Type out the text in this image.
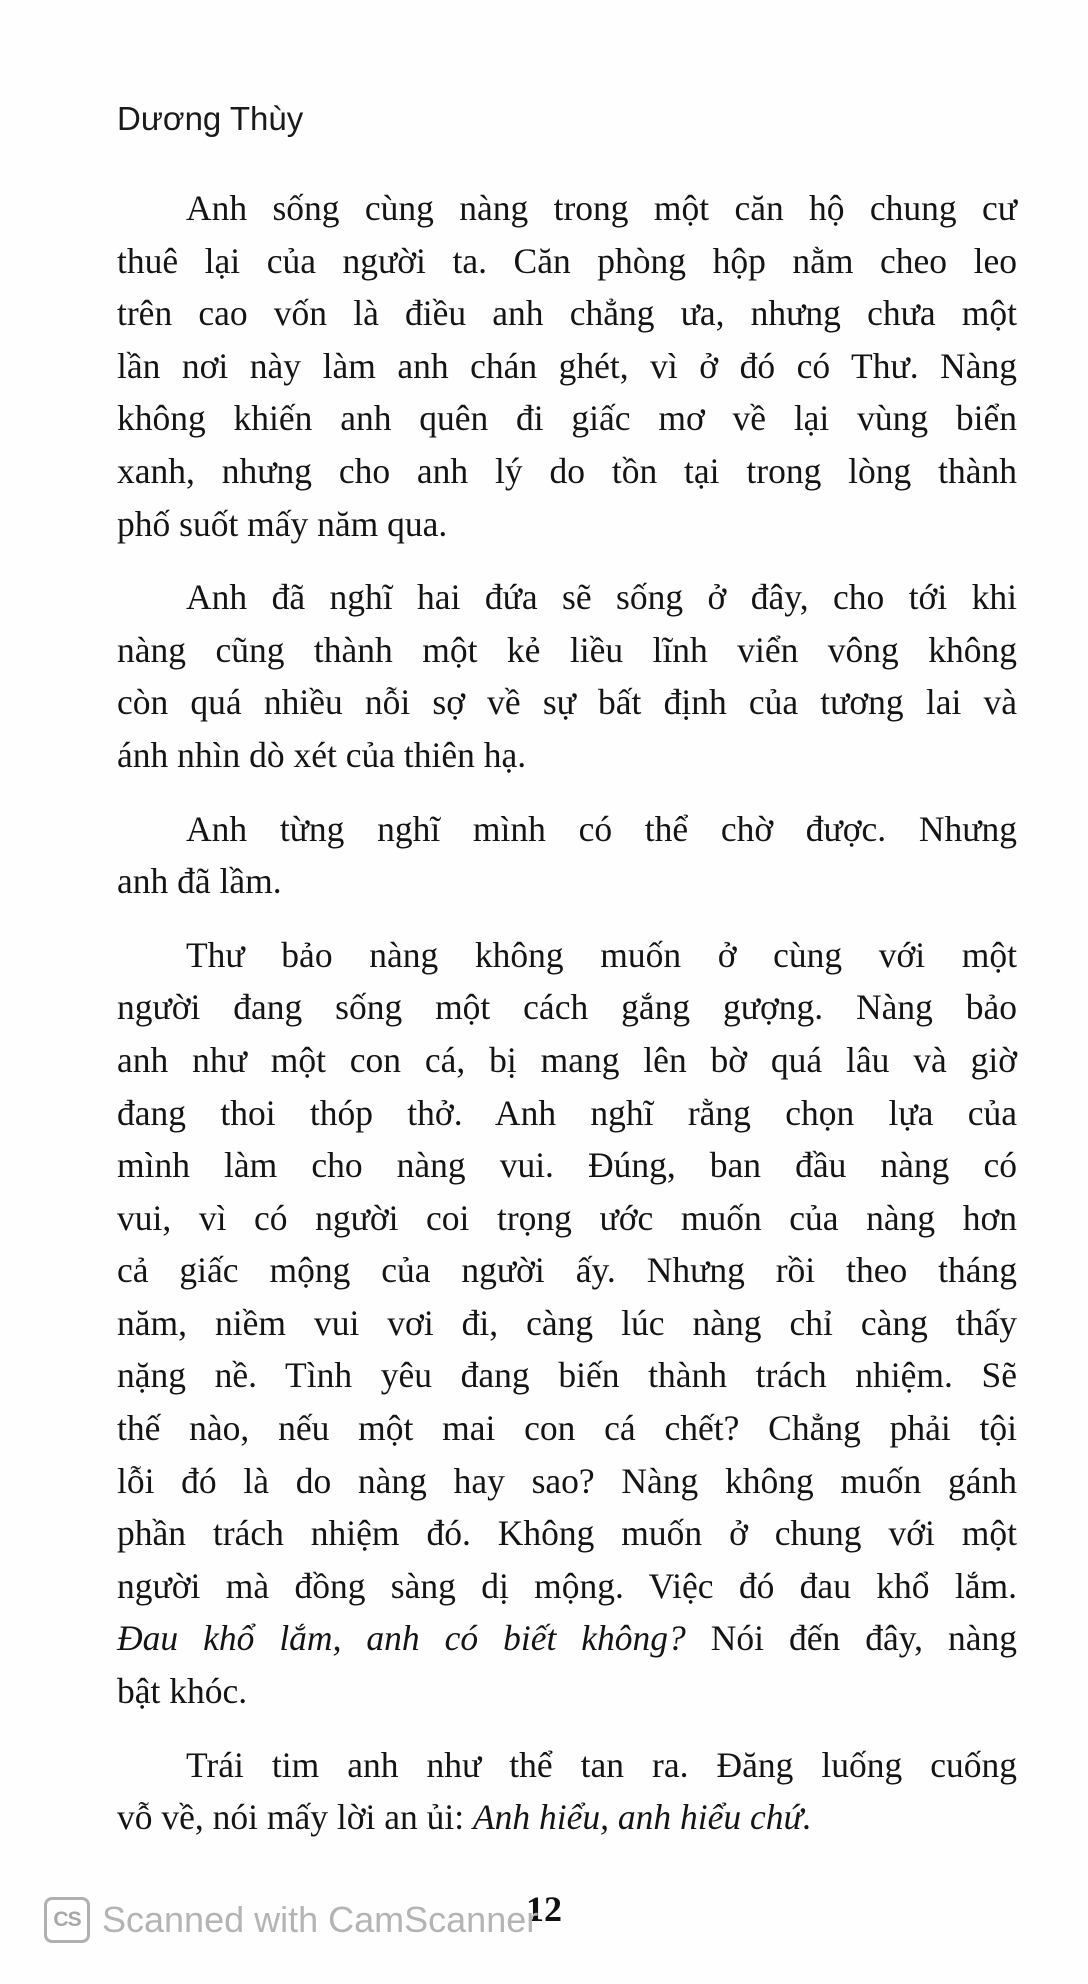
Dương Thùy

Anh sống cùng nàng trong một căn hộ chung cư
thuê lại của người ta. Căn phòng hộp nằm cheo leo
trên cao vốn là điều anh chẳng ưa, nhưng chưa một
lần nơi này làm anh chán ghét, vì ở đó có Thư. Nàng
không khiến anh quên đi giấc mơ về lại vùng biển
xanh, nhưng cho anh lý do tồn tại trong lòng thành
phố suốt mấy năm qua.
Anh đã nghĩ hai đứa sẽ sống ở đây, cho tới khi
nàng cũng thành một kẻ liều lĩnh viển vông không
còn quá nhiều nỗi sợ về sự bất định của tương lai và
ánh nhìn dò xét của thiên hạ.
Anh từng nghĩ mình có thể chờ được. Nhưng
anh đã lầm.
Thư bảo nàng không muốn ở cùng với một
người đang sống một cách gắng gượng. Nàng bảo
anh như một con cá, bị mang lên bờ quá lâu và giờ
đang thoi thóp thở. Anh nghĩ rằng chọn lựa của
mình làm cho nàng vui. Đúng, ban đầu nàng có
vui, vì có người coi trọng ước muốn của nàng hơn
cả giấc mộng của người ấy. Nhưng rồi theo tháng
năm, niềm vui vơi đi, càng lúc nàng chỉ càng thấy
nặng nề. Tình yêu đang biến thành trách nhiệm. Sẽ
thế nào, nếu một mai con cá chết? Chẳng phải tội
lỗi đó là do nàng hay sao? Nàng không muốn gánh
phần trách nhiệm đó. Không muốn ở chung với một
người mà đồng sàng dị mộng. Việc đó đau khổ lắm.
Đau khổ lắm, anh có biết không? Nói đến đây, nàng
bật khóc.
Trái tim anh như thể tan ra. Đăng luống cuống
vỗ về, nói mấy lời an ủi: Anh hiểu, anh hiểu chứ.

12

CS Scanned with CamScanner
